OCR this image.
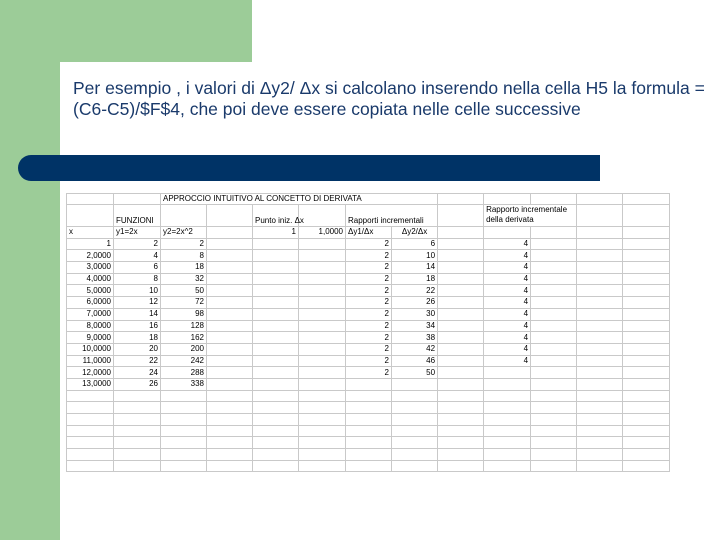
Per esempio , i valori di Δy2/ Δx si calcolano inserendo nella cella H5 la formula =(C6-C5)/$F$4, che poi deve essere copiata nelle celle successive
		APPROCCIO INTUITIVO AL CONCETTO DI DERIVATA										
	FUNZIONI			Punto iniz. Δx		Rapporti incrementali			Rapporto incrementale della derivata			
x	y1=2x	y2=2x^2		1	1,0000	Δy1/Δx	Δy2/Δx					
1	2	2				2	6		4			
2,0000	4	8				2	10		4			
3,0000	6	18				2	14		4			
4,0000	8	32				2	18		4			
5,0000	10	50				2	22		4			
6,0000	12	72				2	26		4			
7,0000	14	98				2	30		4			
8,0000	16	128				2	34		4			
9,0000	18	162				2	38		4			
10,0000	20	200				2	42		4			
11,0000	22	242				2	46		4			
12,0000	24	288				2	50					
13,0000	26	338										
